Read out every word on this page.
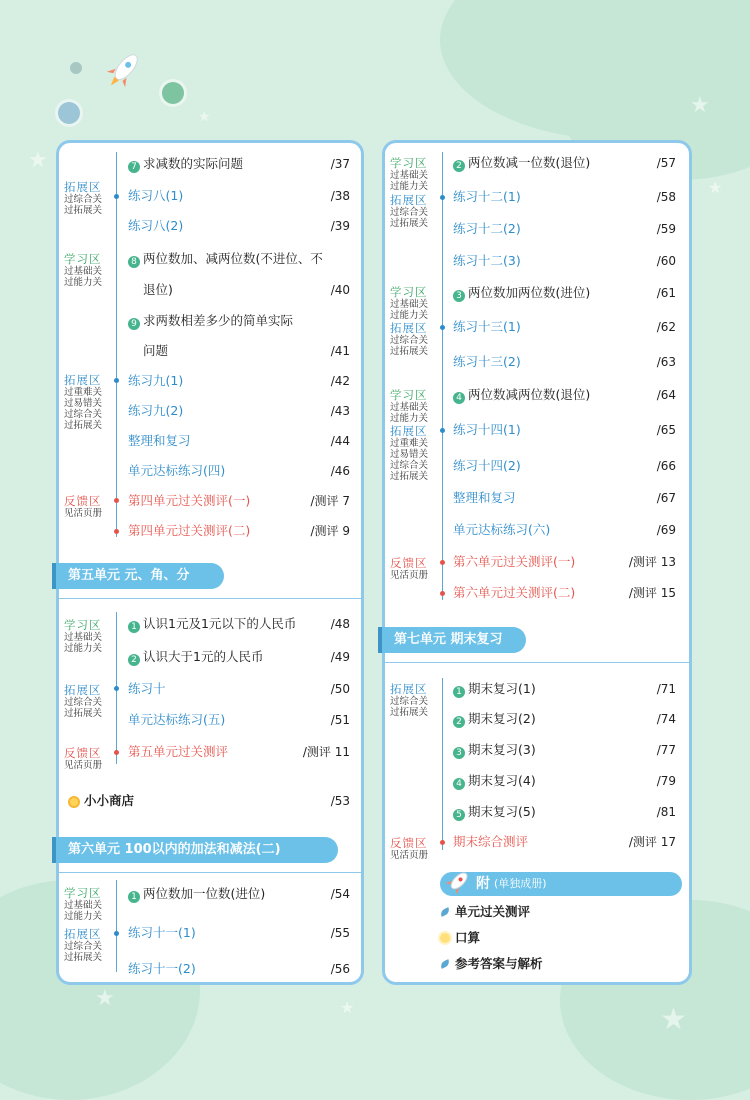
★
★
★
★
★
★
★
拓展区
过综合关
过拓展关
学习区
过基础关
过能力关
拓展区
过重难关
过易错关
过综合关
过拓展关
反馈区
见活页册
学习区
过基础关
过能力关
拓展区
过综合关
过拓展关
反馈区
见活页册
学习区
过基础关
过能力关
拓展区
过综合关
过拓展关
7 求减数的实际问题	/37
练习八(1)	/38
练习八(2)	/39
8 两位数加、减两位数(不进位、不
退位)	/40
9 求两数相差多少的简单实际
问题	/41
练习九(1)	/42
练习九(2)	/43
整理和复习	/44
单元达标练习(四)	/46
第四单元过关测评(一)	/测评 7
第四单元过关测评(二)	/测评 9
第五单元 元、角、分
1 认识1元及1元以下的人民币	/48
2 认识大于1元的人民币	/49
练习十	/50
单元达标练习(五)	/51
第五单元过关测评	/测评 11
小小商店	/53
第六单元 100以内的加法和减法(二)
1 两位数加一位数(进位)	/54
练习十一(1)	/55
练习十一(2)	/56
学习区
过基础关
过能力关
拓展区
过综合关
过拓展关
学习区
过基础关
过能力关
拓展区
过综合关
过拓展关
学习区
过基础关
过能力关
拓展区
过重难关
过易错关
过综合关
过拓展关
反馈区
见活页册
拓展区
过综合关
过拓展关
反馈区
见活页册
2 两位数减一位数(退位)	/57
练习十二(1)	/58
练习十二(2)	/59
练习十二(3)	/60
3 两位数加两位数(进位)	/61
练习十三(1)	/62
练习十三(2)	/63
4 两位数减两位数(退位)	/64
练习十四(1)	/65
练习十四(2)	/66
整理和复习	/67
单元达标练习(六)	/69
第六单元过关测评(一)	/测评 13
第六单元过关测评(二)	/测评 15
第七单元 期末复习
1 期末复习(1)	/71
2 期末复习(2)	/74
3 期末复习(3)	/77
4 期末复习(4)	/79
5 期末复习(5)	/81
期末综合测评	/测评 17
附 (单独成册)
单元过关测评
口算
参考答案与解析
